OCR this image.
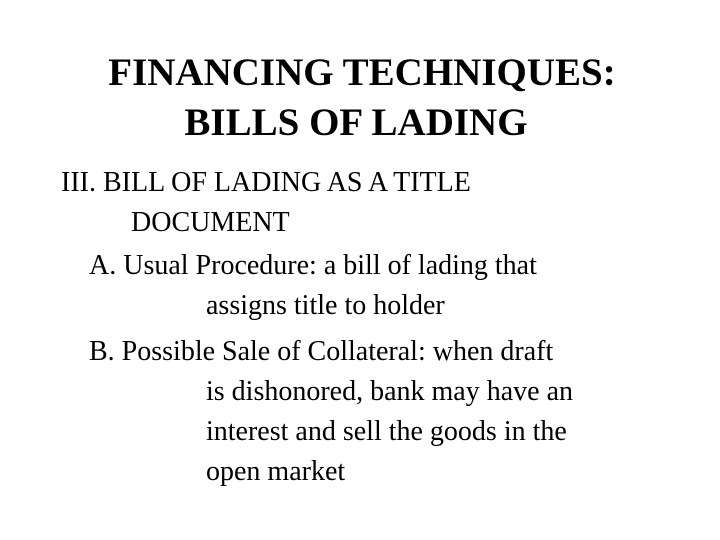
FINANCING TECHNIQUES:
BILLS OF LADING
III. BILL OF LADING AS A TITLE
DOCUMENT
A. Usual Procedure: a bill of lading that
assigns title to holder
B. Possible Sale of Collateral: when draft
is dishonored, bank may have an
interest and sell the goods in the
open market
